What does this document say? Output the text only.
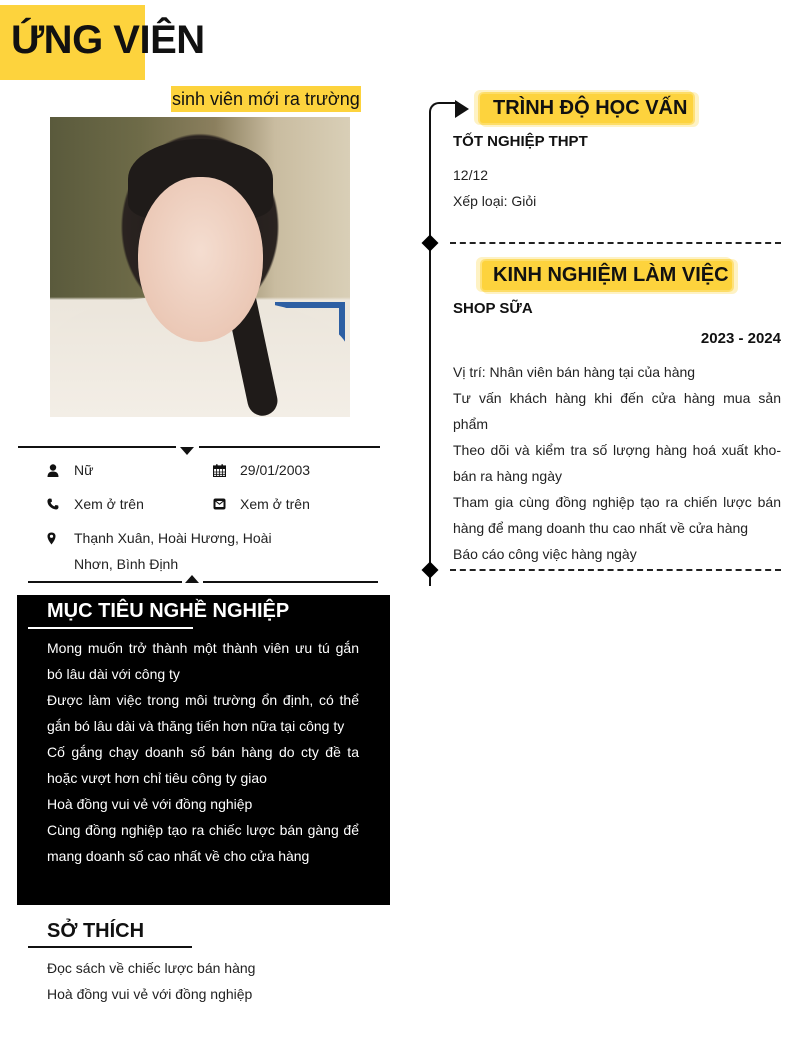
ỨNG VIÊN
sinh viên mới ra trường
Nữ	29/01/2003
Xem ở trên	Xem ở trên
Thạnh Xuân, Hoài Hương, Hoài Nhơn, Bình Định
MỤC TIÊU NGHỀ NGHIỆP
Mong muốn trở thành một thành viên ưu tú gắn bó lâu dài với công ty
Được làm việc trong môi trường ổn định, có thể gắn bó lâu dài và thăng tiến hơn nữa tại công ty
Cố gắng chạy doanh số bán hàng do cty đề ta hoặc vượt hơn chỉ tiêu công ty giao
Hoà đồng vui vẻ với đồng nghiệp
Cùng đồng nghiệp tạo ra chiếc lược bán gàng để mang doanh số cao nhất về cho cửa hàng
SỞ THÍCH
Đọc sách về chiếc lược bán hàng
Hoà đồng vui vẻ với đồng nghiệp
TRÌNH ĐỘ HỌC VẤN
TỐT NGHIỆP THPT
12/12
Xếp loại: Giỏi
KINH NGHIỆM LÀM VIỆC
SHOP SỮA
2023 - 2024
Vị trí: Nhân viên bán hàng tại của hàng
Tư vấn khách hàng khi đến cửa hàng mua sản phẩm
Theo dõi và kiểm tra số lượng hàng hoá xuất kho-bán ra hàng ngày
Tham gia cùng đồng nghiệp tạo ra chiến lược bán hàng để mang doanh thu cao nhất về cửa hàng
Báo cáo công việc hàng ngày
